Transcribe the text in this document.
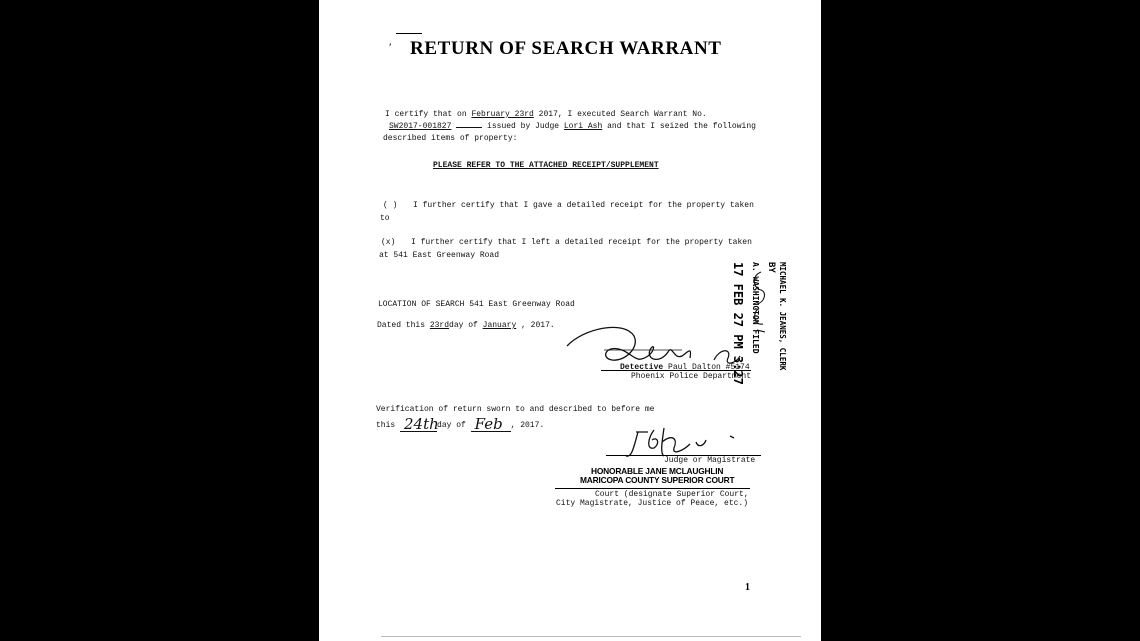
′ RETURN OF SEARCH WARRANT
I certify that on February 23rd 2017, I executed Search Warrant No.
SW2017-001827	issued by Judge Lori Ash and that I seized the following
described items of property:
PLEASE REFER TO THE ATTACHED RECEIPT/SUPPLEMENT
( ) I further certify that I gave a detailed receipt for the property taken
to
(x) I further certify that I left a detailed receipt for the property taken
at 541 East Greenway Road
LOCATION OF SEARCH 541 East Greenway Road
Dated this 23rdday of January , 2017.
Detective Paul Dalton #5174
Phoenix Police Department
Verification of return sworn to and described to before me
this 24th
day of Feb , 2017.
Judge or Magistrate
HONORABLE JANE MCLAUGHLIN
MARICOPA COUNTY SUPERIOR COURT
Court (designate Superior Court,
City Magistrate, Justice of Peace, etc.)
MICHAEL K. JEANES, CLERK
BY
A. WASHINGTON FILED
17 FEB 27 PM 3:27
1
